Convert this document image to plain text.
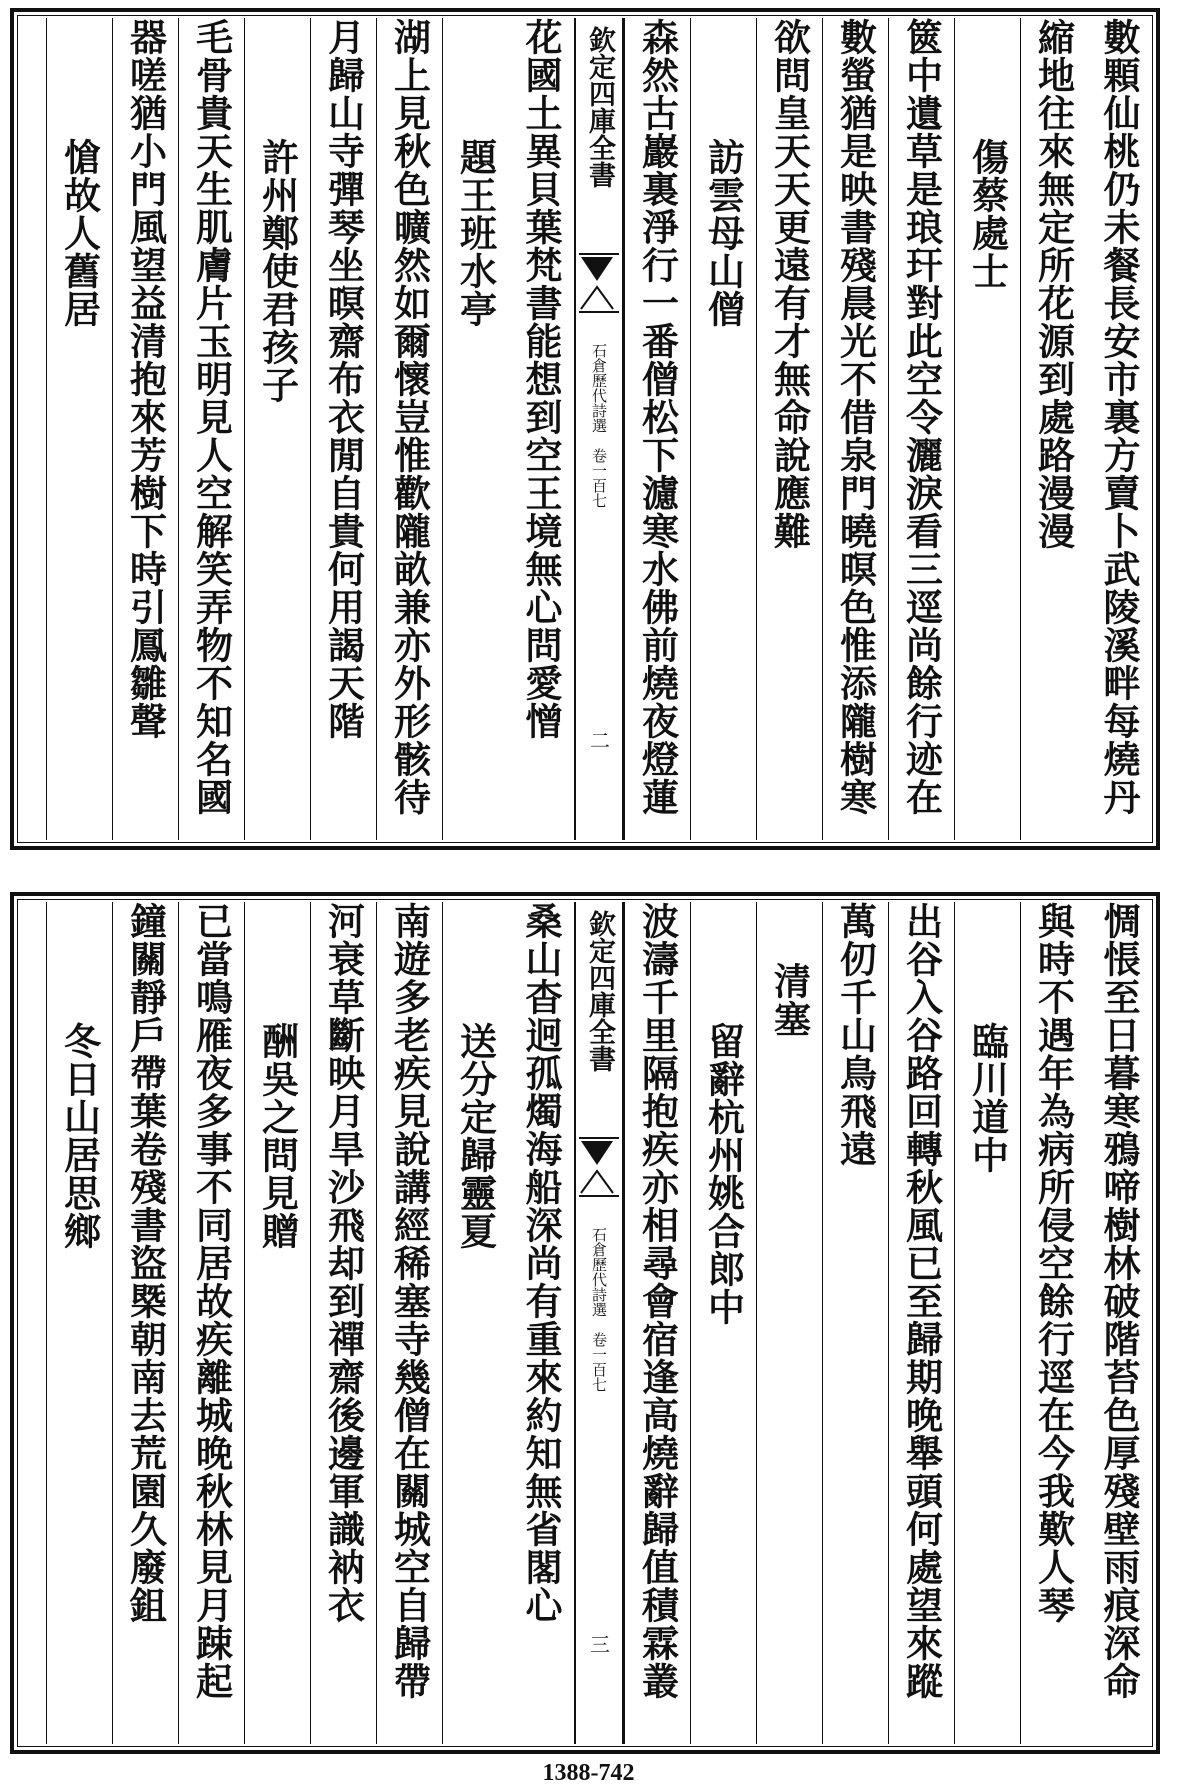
數顆仙桃仍未餐長安市裏方賣卜武陵溪畔每燒丹
縮地往來無定所花源到處路漫漫
傷蔡處士
篋中遺草是琅玕對此空令灑淚看三逕尚餘行迹在
數螢猶是映書殘晨光不借泉門曉暝色惟添隴樹寒
欲問皇天天更遠有才無命說應難
訪雲母山僧
森然古巖裏淨行一番僧松下濾寒水佛前燒夜燈蓮
欽定四庫全書
石倉歷代詩選　卷一百七
二
花國土異貝葉梵書能想到空王境無心問愛憎
題王班水亭
湖上見秋色曠然如爾懷豈惟歡隴畝兼亦外形骸待
月歸山寺彈琴坐暝齋布衣閒自貴何用謁天階
許州鄭使君孩子
毛骨貴天生肌膚片玉明見人空解笑弄物不知名國
器嗟猶小門風望益清抱來芳樹下時引鳳雛聲
愴故人舊居
惆悵至日暮寒鴉啼樹林破階苔色厚殘壁雨痕深命
與時不遇年為病所侵空餘行逕在今我歎人琴
臨川道中
出谷入谷路回轉秋風已至歸期晚舉頭何處望來蹤
萬仞千山鳥飛遠
清塞
留辭杭州姚合郎中
波濤千里隔抱疾亦相尋會宿逢高燒辭歸值積霖叢
欽定四庫全書
石倉歷代詩選　卷一百七
三
桑山杳迥孤燭海船深尚有重來約知無省閣心
送分定歸靈夏
南遊多老疾見說講經稀塞寺幾僧在關城空自歸帶
河衰草斷映月旱沙飛却到禪齋後邊軍識衲衣
酬吳之問見贈
已當鳴雁夜多事不同居故疾離城晚秋林見月踈起
鐘關靜戶帶葉卷殘書盜槩朝南去荒園久廢鉏
冬日山居思鄉
1388-742
